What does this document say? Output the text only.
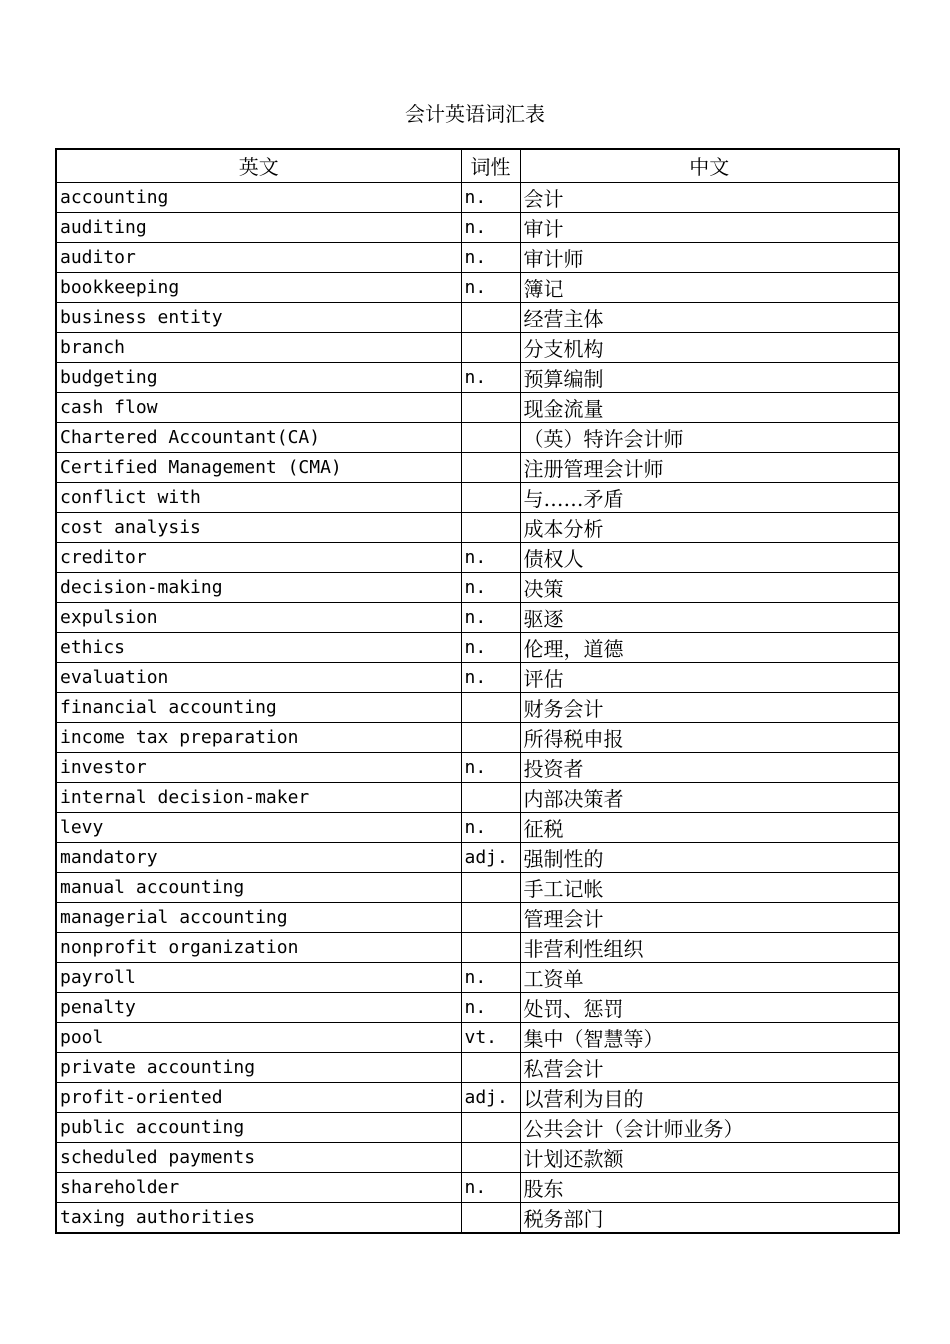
会计英语词汇表
英文	词性	中文
accounting	n.	会计
auditing	n.	审计
auditor	n.	审计师
bookkeeping	n.	簿记
business entity		经营主体
branch		分支机构
budgeting	n.	预算编制
cash flow		现金流量
Chartered Accountant(CA)		（英）特许会计师
Certified Management (CMA)		注册管理会计师
conflict with		与……矛盾
cost analysis		成本分析
creditor	n.	债权人
decision-making	n.	决策
expulsion	n.	驱逐
ethics	n.	伦理，道德
evaluation	n.	评估
financial accounting		财务会计
income tax preparation		所得税申报
investor	n.	投资者
internal decision-maker		内部决策者
levy	n.	征税
mandatory	adj.	强制性的
manual accounting		手工记帐
managerial accounting		管理会计
nonprofit organization		非营利性组织
payroll	n.	工资单
penalty	n.	处罚、惩罚
pool	vt.	集中（智慧等）
private accounting		私营会计
profit-oriented	adj.	以营利为目的
public accounting		公共会计（会计师业务）
scheduled payments		计划还款额
shareholder	n.	股东
taxing authorities		税务部门
